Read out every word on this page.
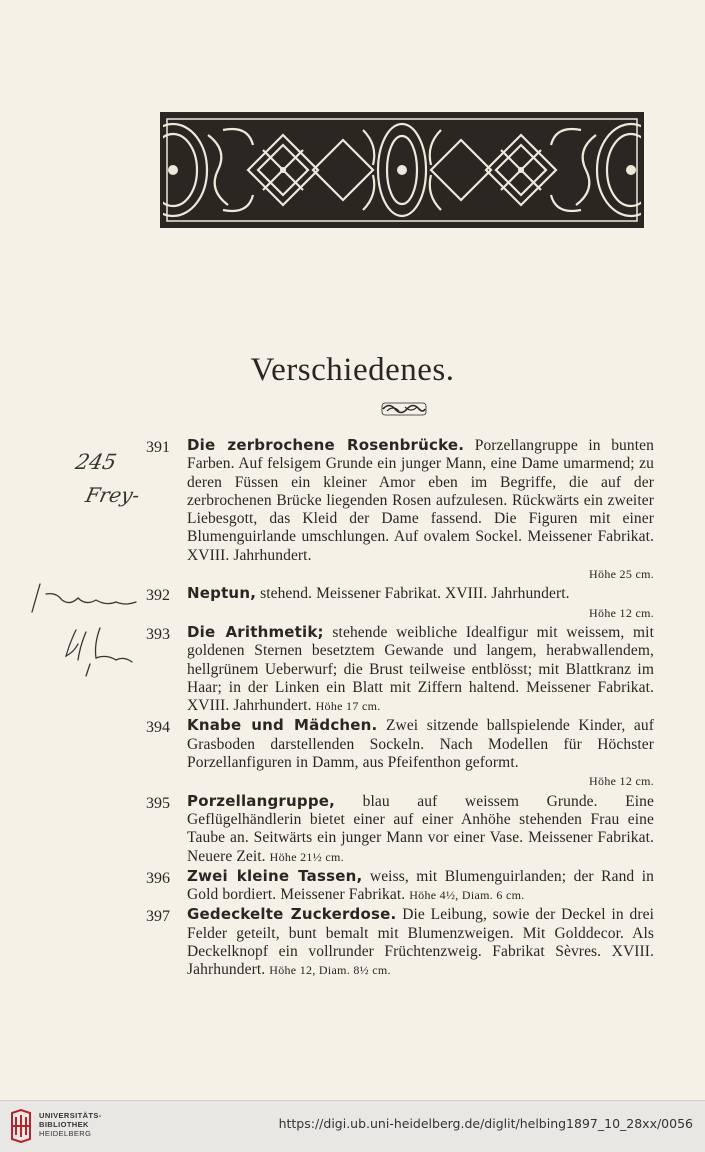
Verschiedenes.
245
Frey-
391	Die zerbrochene Rosenbrücke. Porzellangruppe in bunten Farben. Auf felsigem Grunde ein junger Mann, eine Dame umarmend; zu deren Füssen ein kleiner Amor eben im Begriffe, die auf der zerbrochenen Brücke liegenden Rosen aufzulesen. Rückwärts ein zweiter Liebesgott, das Kleid der Dame fassend. Die Figuren mit einer Blumenguirlande umschlungen. Auf ovalem Sockel. Meissener Fabrikat. XVIII. Jahrhundert.
Höhe 25 cm.
392	Neptun, stehend. Meissener Fabrikat. XVIII. Jahrhundert.
Höhe 12 cm.
393	Die Arithmetik; stehende weibliche Idealfigur mit weissem, mit goldenen Sternen besetztem Gewande und langem, herabwallendem, hellgrünem Ueberwurf; die Brust teilweise entblösst; mit Blattkranz im Haar; in der Linken ein Blatt mit Ziffern haltend. Meissener Fabrikat. XVIII. Jahrhundert. Höhe 17 cm.
394	Knabe und Mädchen. Zwei sitzende ballspielende Kinder, auf Grasboden darstellenden Sockeln. Nach Modellen für Höchster Porzellanfiguren in Damm, aus Pfeifenthon geformt.
Höhe 12 cm.
395	Porzellangruppe, blau auf weissem Grunde. Eine Geflügelhändlerin bietet einer auf einer Anhöhe stehenden Frau eine Taube an. Seitwärts ein junger Mann vor einer Vase. Meissener Fabrikat. Neuere Zeit. Höhe 21½ cm.
396	Zwei kleine Tassen, weiss, mit Blumenguirlanden; der Rand in Gold bordiert. Meissener Fabrikat. Höhe 4½, Diam. 6 cm.
397	Gedeckelte Zuckerdose. Die Leibung, sowie der Deckel in drei Felder geteilt, bunt bemalt mit Blumenzweigen. Mit Golddecor. Als Deckelknopf ein vollrunder Früchtenzweig. Fabrikat Sèvres. XVIII. Jahrhundert. Höhe 12, Diam. 8½ cm.
UNIVERSITÄTS-
BIBLIOTHEK
HEIDELBERG
https://digi.ub.uni-heidelberg.de/diglit/helbing1897_10_28xx/0056
